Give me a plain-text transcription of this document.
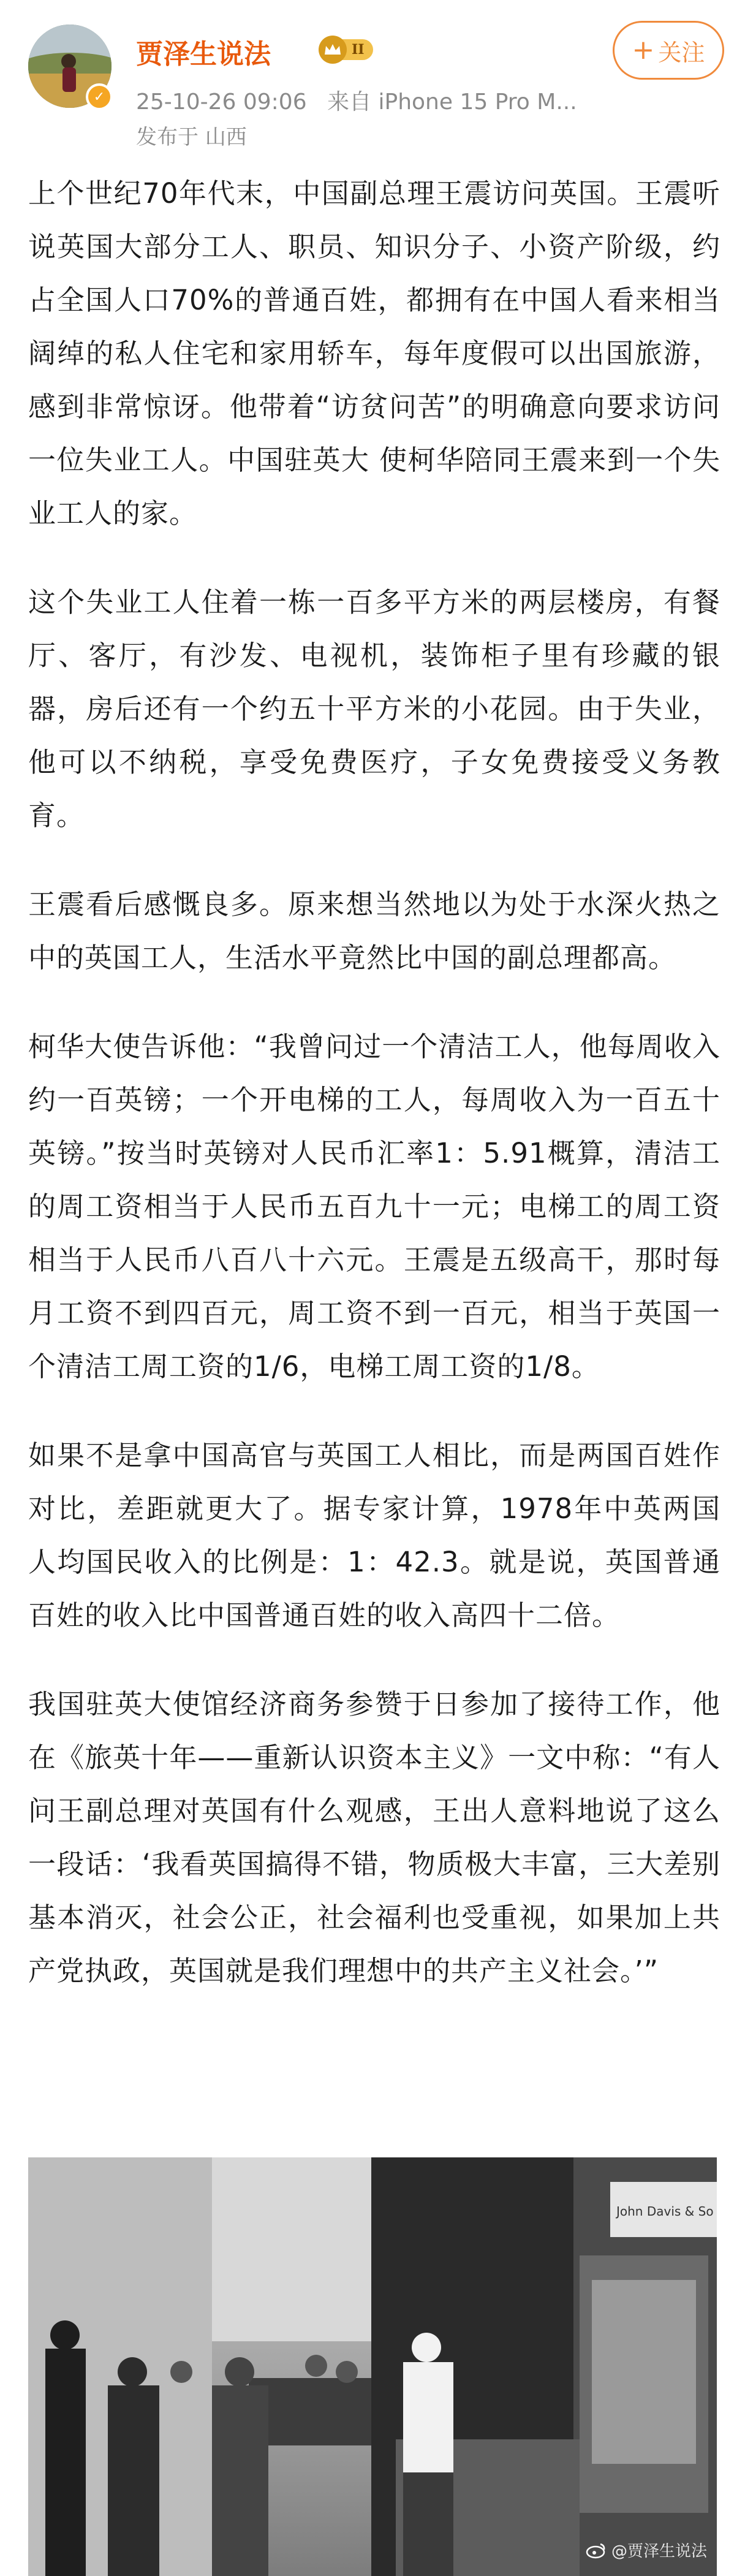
✓
贾泽生说法	II
25-10-26 09:06 来自 iPhone 15 Pro M...
发布于 山西
+ 关注

上个世纪70年代末，中国副总理王震访问英国。王震听说英国大部分工人、职员、知识分子、小资产阶级，约占全国人口70%的普通百姓，都拥有在中国人看来相当阔绰的私人住宅和家用轿车，每年度假可以出国旅游，感到非常惊讶。他带着“访贫问苦”的明确意向要求访问一位失业工人。中国驻英大 使柯华陪同王震来到一个失业工人的家。

这个失业工人住着一栋一百多平方米的两层楼房，有餐厅、客厅，有沙发、电视机，装饰柜子里有珍藏的银器，房后还有一个约五十平方米的小花园。由于失业，他可以不纳税，享受免费医疗，子女免费接受义务教育。

王震看后感慨良多。原来想当然地以为处于水深火热之中的英国工人，生活水平竟然比中国的副总理都高。

柯华大使告诉他：“我曾问过一个清洁工人，他每周收入约一百英镑；一个开电梯的工人，每周收入为一百五十英镑。”按当时英镑对人民币汇率1：5.91概算，清洁工的周工资相当于人民币五百九十一元；电梯工的周工资相当于人民币八百八十六元。王震是五级高干，那时每月工资不到四百元，周工资不到一百元，相当于英国一个清洁工周工资的1/6，电梯工周工资的1/8。

如果不是拿中国高官与英国工人相比，而是两国百姓作对比，差距就更大了。据专家计算，1978年中英两国人均国民收入的比例是：1：42.3。就是说，英国普通百姓的收入比中国普通百姓的收入高四十二倍。

我国驻英大使馆经济商务参赞于日参加了接待工作，他在《旅英十年——重新认识资本主义》一文中称：“有人问王副总理对英国有什么观感，王出人意料地说了这么一段话：‘我看英国搞得不错，物质极大丰富，三大差别基本消灭，社会公正，社会福利也受重视，如果加上共产党执政，英国就是我们理想中的共产主义社会。’”

John Davis & So
@贾泽生说法
